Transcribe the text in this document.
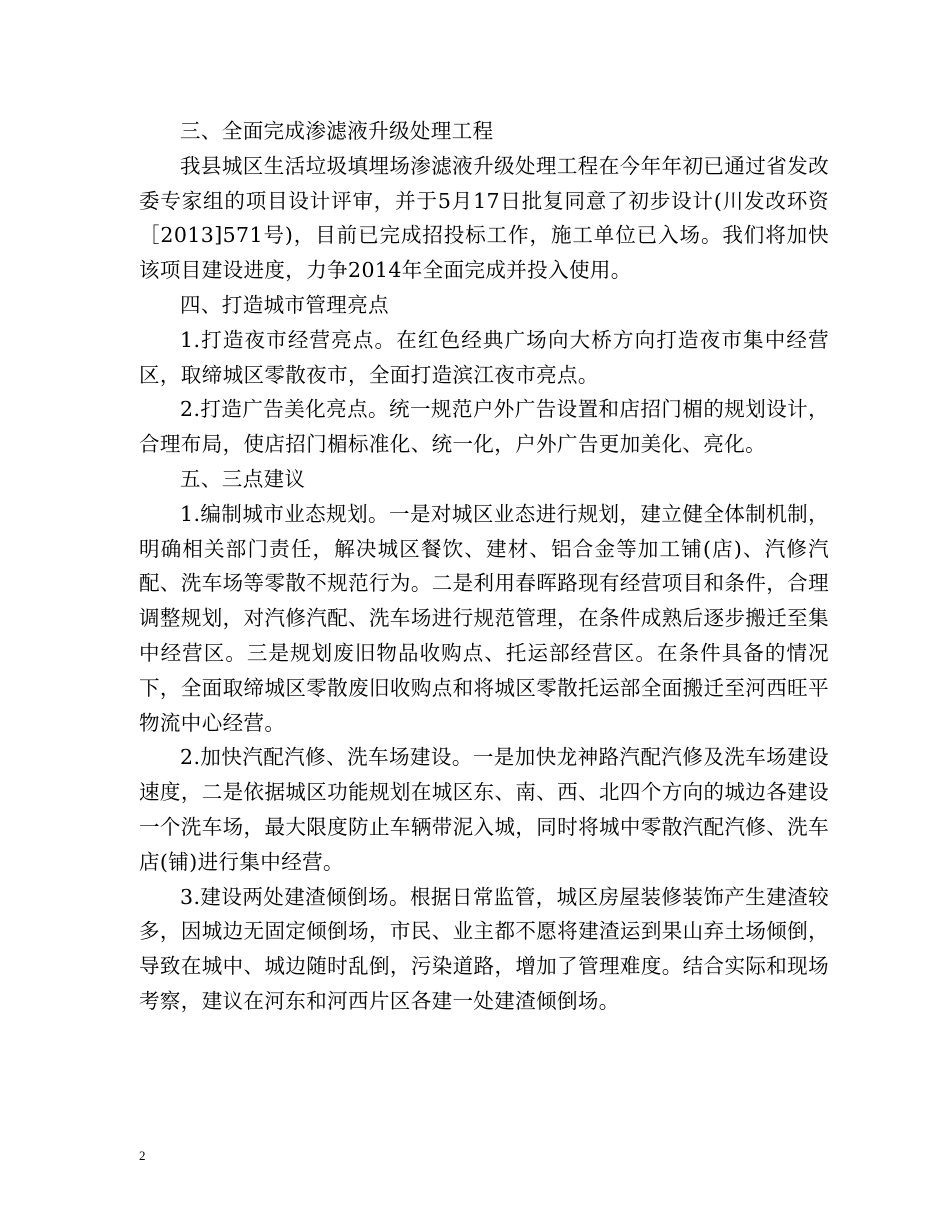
三、全面完成渗滤液升级处理工程

我县城区生活垃圾填埋场渗滤液升级处理工程在今年年初已通过省发改委专家组的项目设计评审，并于5月17日批复同意了初步设计(川发改环资［2013]571号)，目前已完成招投标工作，施工单位已入场。我们将加快该项目建设进度，力争2014年全面完成并投入使用。

四、打造城市管理亮点

1.打造夜市经营亮点。在红色经典广场向大桥方向打造夜市集中经营区，取缔城区零散夜市，全面打造滨江夜市亮点。

2.打造广告美化亮点。统一规范户外广告设置和店招门楣的规划设计，合理布局，使店招门楣标准化、统一化，户外广告更加美化、亮化。

五、三点建议

1.编制城市业态规划。一是对城区业态进行规划，建立健全体制机制，明确相关部门责任，解决城区餐饮、建材、铝合金等加工铺(店)、汽修汽配、洗车场等零散不规范行为。二是利用春晖路现有经营项目和条件，合理调整规划，对汽修汽配、洗车场进行规范管理，在条件成熟后逐步搬迁至集中经营区。三是规划废旧物品收购点、托运部经营区。在条件具备的情况下，全面取缔城区零散废旧收购点和将城区零散托运部全面搬迁至河西旺平物流中心经营。

2.加快汽配汽修、洗车场建设。一是加快龙神路汽配汽修及洗车场建设速度，二是依据城区功能规划在城区东、南、西、北四个方向的城边各建设一个洗车场，最大限度防止车辆带泥入城，同时将城中零散汽配汽修、洗车店(铺)进行集中经营。

3.建设两处建渣倾倒场。根据日常监管，城区房屋装修装饰产生建渣较多，因城边无固定倾倒场，市民、业主都不愿将建渣运到果山弃土场倾倒，导致在城中、城边随时乱倒，污染道路，增加了管理难度。结合实际和现场考察，建议在河东和河西片区各建一处建渣倾倒场。

2
